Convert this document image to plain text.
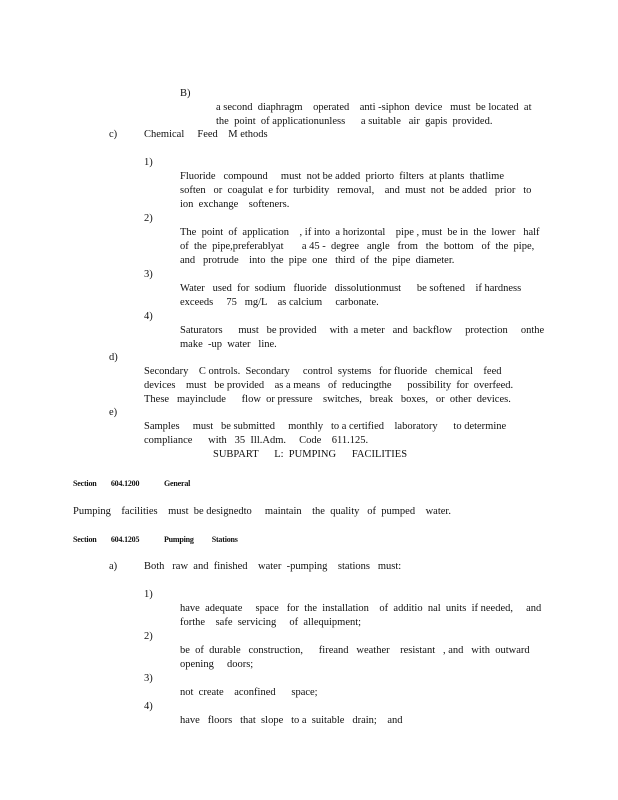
B)

a second  diaphragm    operated    anti -siphon  device   must  be located  at
the  point  of applicationunless      a suitable   air  gapis  provided.

c)	Chemical     Feed    M ethods
1)

Fluoride   compound     must  not be added  priorto  filters  at plants  thatlime
soften   or  coagulat  e for  turbidity   removal,    and  must  not  be added   prior   to
ion  exchange    softeners.

2)

The  point  of  application    , if into  a horizontal    pipe , must  be in  the  lower   half
of  the  pipe,preferablyat       a 45 -  degree   angle   from   the  bottom   of  the  pipe,
and   protrude    into  the  pipe  one   third  of  the  pipe  diameter.

3)

Water   used  for  sodium   fluoride   dissolutionmust      be softened    if hardness
exceeds     75   mg/L    as calcium     carbonate.

4)

Saturators      must   be provided     with  a meter   and  backflow     protection     onthe
make  -up  water   line.

d)

Secondary    C ontrols.  Secondary     control  systems   for fluoride   chemical    feed
devices    must   be provided    as a means   of  reducingthe      possibility  for  overfeed.
These   mayinclude      flow  or pressure    switches,   break   boxes,   or  other  devices.

e)

Samples     must   be submitted     monthly   to a certified    laboratory      to determine
compliance      with   35  Ill.Adm.     Code    611.125.

SUBPART      L:  PUMPING      FACILITIES
Section        604.1200	General
Pumping    facilities    must  be designedto     maintain    the  quality   of  pumped    water.
Section        604.1205	Pumping          Stations
a)	Both   raw  and  finished    water  -pumping    stations   must:
1)

have  adequate     space   for  the  installation    of  additio  nal  units  if needed,     and
forthe    safe  servicing     of  allequipment;

2)

be  of  durable   construction,      fireand   weather    resistant   , and   with  outward
opening     doors;

3)

not  create    aconfined      space;

4)

have   floors   that  slope   to a  suitable   drain;    and
